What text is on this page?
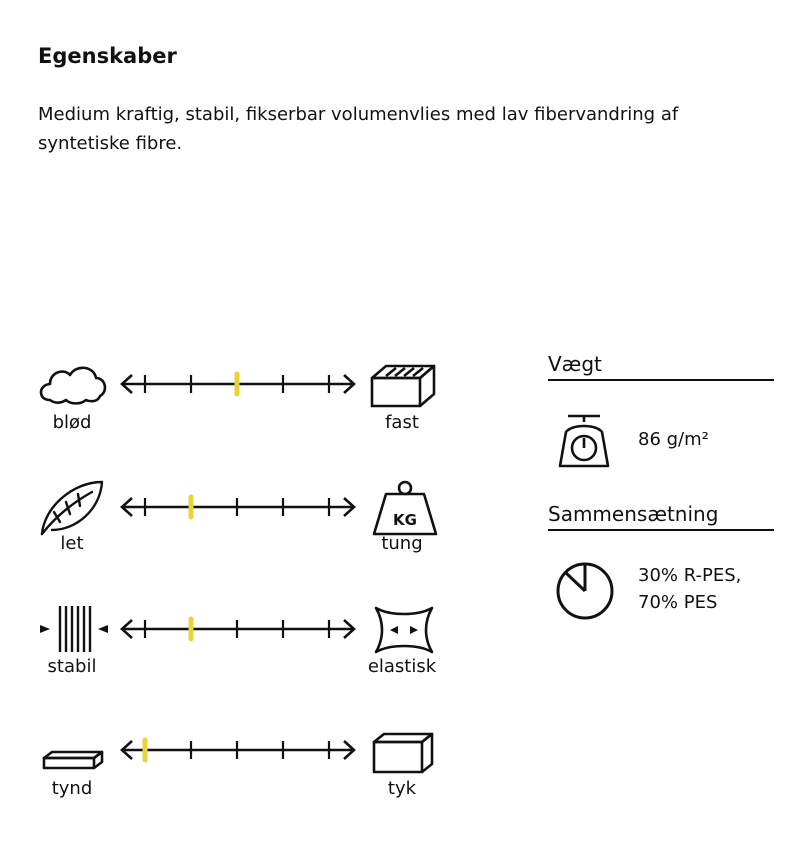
Egenskaber

Medium kraftig, stabil, fikserbar volumenvlies med lav fibervandring af syntetiske fibre.

KG
blød	fast
let	tung
stabil	elastisk
tynd	tyk
Vægt
86 g/m²
Sammensætning
30% R-PES,
70% PES
